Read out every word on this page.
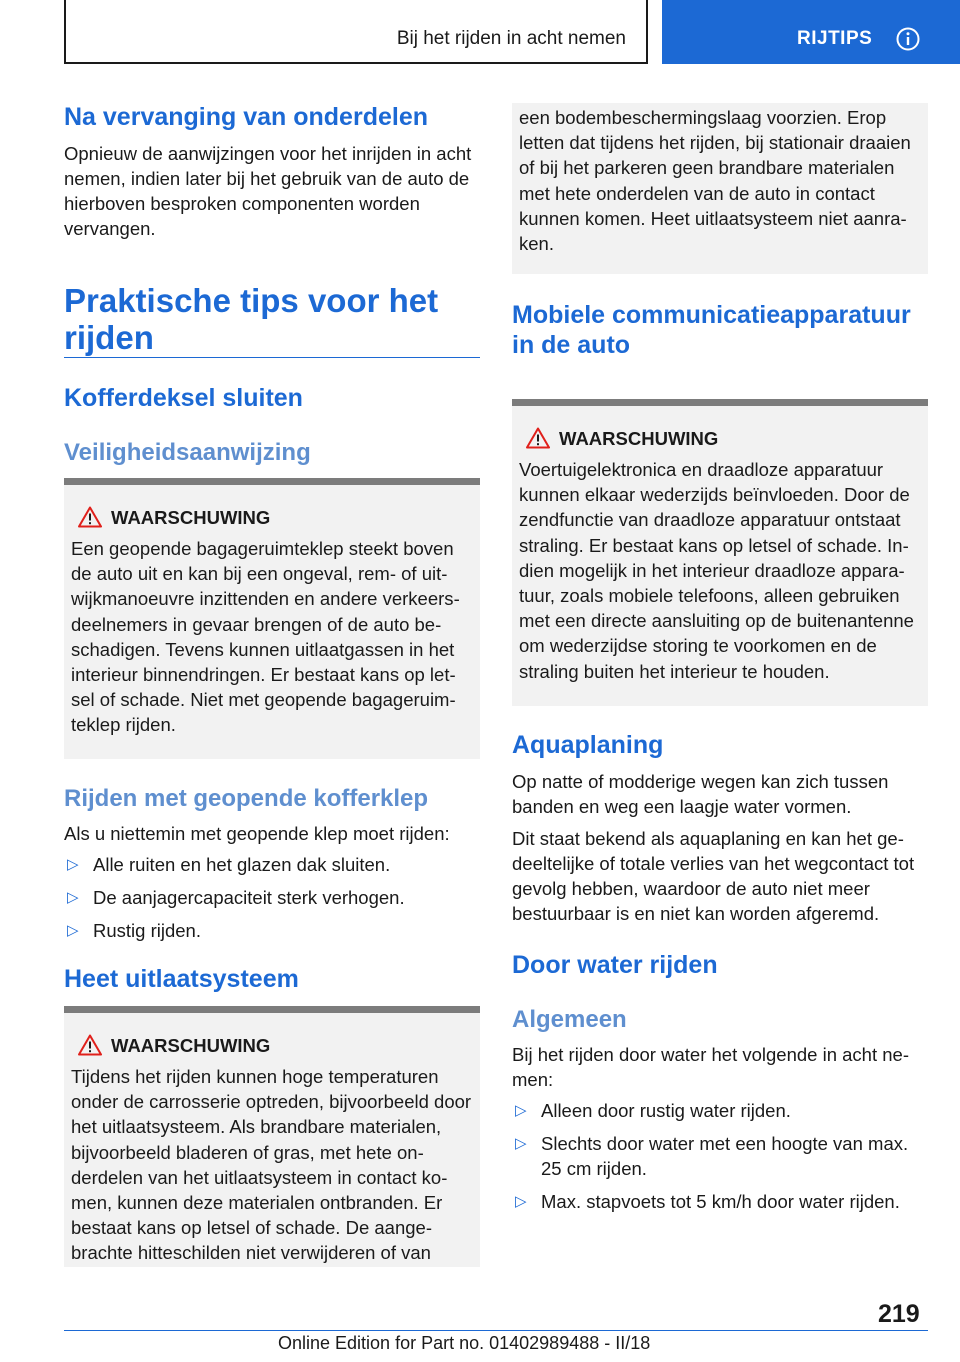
Bij het rijden in acht nemen	RIJTIPS
Na vervanging van onderdelen

Opnieuw de aanwijzingen voor het inrijden in acht nemen, indien later bij het gebruik van de auto de hierboven besproken componenten worden vervangen.

Praktische tips voor het rijden
Kofferdeksel sluiten
Veiligheidsaanwijzing
WAARSCHUWING

Een geopende bagageruimteklep steekt boven de auto uit en kan bij een ongeval, rem- of uitwijkmanoeuvre inzittenden en andere verkeersdeelnemers in gevaar brengen of de auto beschadigen. Tevens kunnen uitlaatgassen in het interieur binnendringen. Er bestaat kans op letsel of schade. Niet met geopende bagageruimteklep rijden.

Rijden met geopende kofferklep

Als u niettemin met geopende klep moet rijden:

▷ Alle ruiten en het glazen dak sluiten.
▷ De aanjagercapaciteit sterk verhogen.
▷ Rustig rijden.
Heet uitlaatsysteem
WAARSCHUWING

Tijdens het rijden kunnen hoge temperaturen onder de carrosserie optreden, bijvoorbeeld door het uitlaatsysteem. Als brandbare materialen, bijvoorbeeld bladeren of gras, met hete onderdelen van het uitlaatsysteem in contact komen, kunnen deze materialen ontbranden. Er bestaat kans op letsel of schade. De aangebrachte hitteschilden niet verwijderen of van

een bodembeschermingslaag voorzien. Erop letten dat tijdens het rijden, bij stationair draaien of bij het parkeren geen brandbare materialen met hete onderdelen van de auto in contact kunnen komen. Heet uitlaatsysteem niet aanraken.

Mobiele communicatieapparatuur in de auto
WAARSCHUWING

Voertuigelektronica en draadloze apparatuur kunnen elkaar wederzijds beïnvloeden. Door de zendfunctie van draadloze apparatuur ontstaat straling. Er bestaat kans op letsel of schade. Indien mogelijk in het interieur draadloze apparatuur, zoals mobiele telefoons, alleen gebruiken met een directe aansluiting op de buitenantenne om wederzijdse storing te voorkomen en de straling buiten het interieur te houden.

Aquaplaning

Op natte of modderige wegen kan zich tussen banden en weg een laagje water vormen.

Dit staat bekend als aquaplaning en kan het gedeeltelijke of totale verlies van het wegcontact tot gevolg hebben, waardoor de auto niet meer bestuurbaar is en niet kan worden afgeremd.

Door water rijden
Algemeen

Bij het rijden door water het volgende in acht nemen:

▷ Alleen door rustig water rijden.
▷ Slechts door water met een hoogte van max. 25 cm rijden.
▷ Max. stapvoets tot 5 km/h door water rijden.
219
Online Edition for Part no. 01402989488 - II/18
